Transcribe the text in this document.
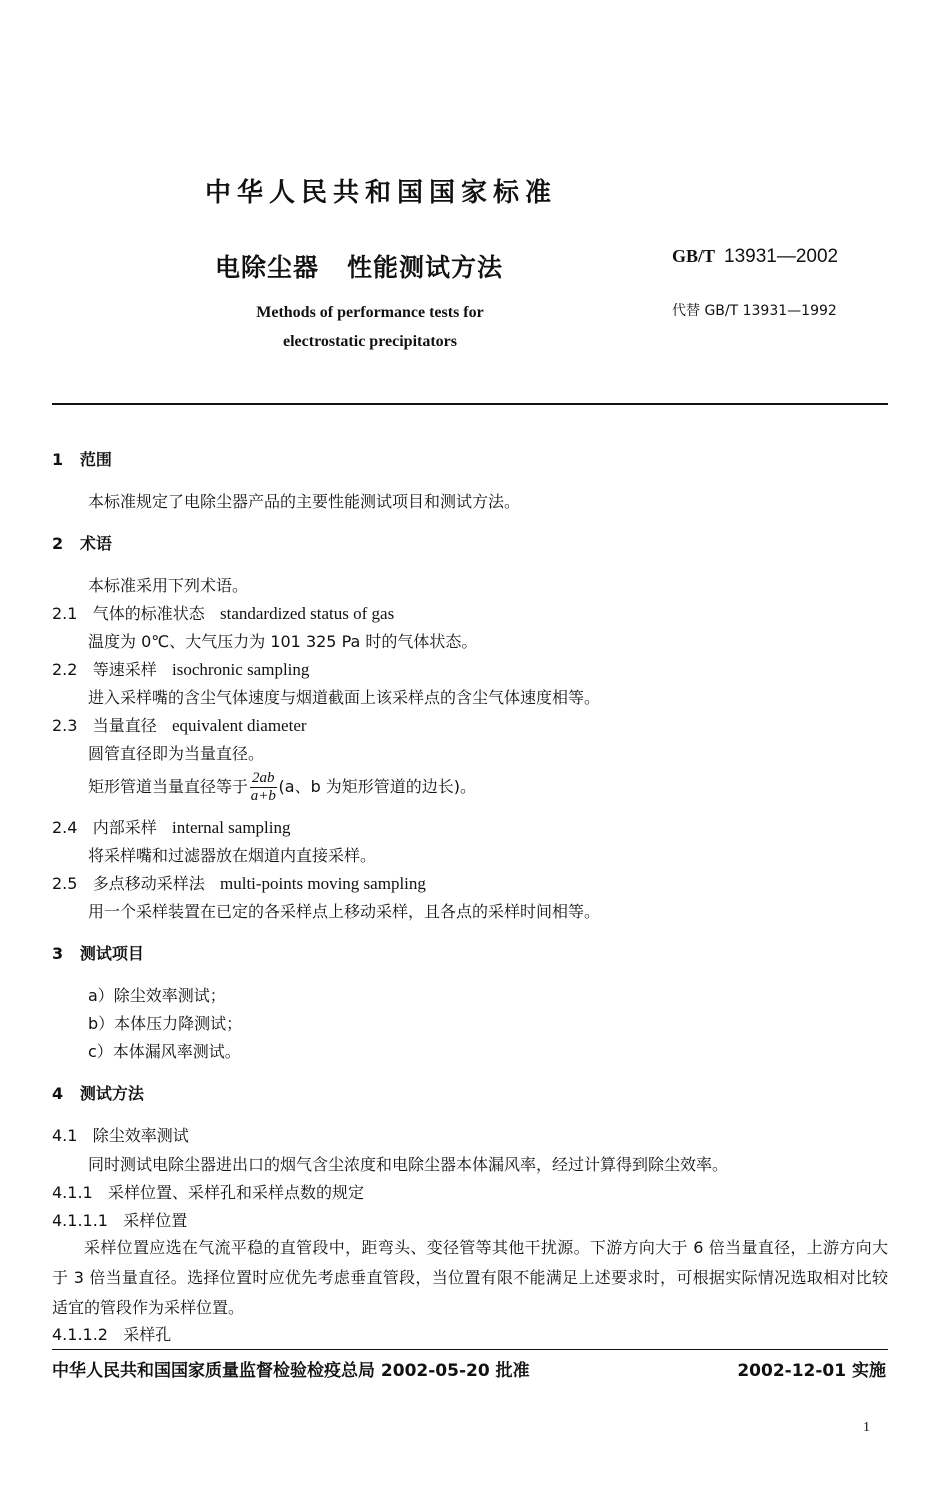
中华人民共和国国家标准
电除尘器 性能测试方法	GB/T 13931—2002
Methods of performance tests for
electrostatic precipitators
代替 GB/T 13931—1992
1 范围
本标准规定了电除尘器产品的主要性能测试项目和测试方法。
2 术语
本标准采用下列术语。
2.1 气体的标准状态 standardized status of gas
温度为 0℃、大气压力为 101 325 Pa 时的气体状态。
2.2 等速采样 isochronic sampling
进入采样嘴的含尘气体速度与烟道截面上该采样点的含尘气体速度相等。
2.3 当量直径 equivalent diameter
圆管直径即为当量直径。
矩形管道当量直径等于 $\frac{2ab}{a+b} (a$、b 为矩形管道的边长)。
2.4 内部采样 internal sampling
将采样嘴和过滤器放在烟道内直接采样。
2.5 多点移动采样法 multi-points moving sampling
用一个采样装置在已定的各采样点上移动采样，且各点的采样时间相等。
3 测试项目
a）除尘效率测试；
b）本体压力降测试；
c）本体漏风率测试。
4 测试方法
4.1 除尘效率测试
同时测试电除尘器进出口的烟气含尘浓度和电除尘器本体漏风率，经过计算得到除尘效率。
4.1.1 采样位置、采样孔和采样点数的规定
4.1.1.1 采样位置
采样位置应选在气流平稳的直管段中，距弯头、变径管等其他干扰源。下游方向大于 6 倍当量直径，上游方向大于 3 倍当量直径。选择位置时应优先考虑垂直管段，当位置有限不能满足上述要求时，可根据实际情况选取相对比较适宜的管段作为采样位置。
4.1.1.2 采样孔
中华人民共和国国家质量监督检验检疫总局 2002-05-20 批准	2002-12-01 实施
1
